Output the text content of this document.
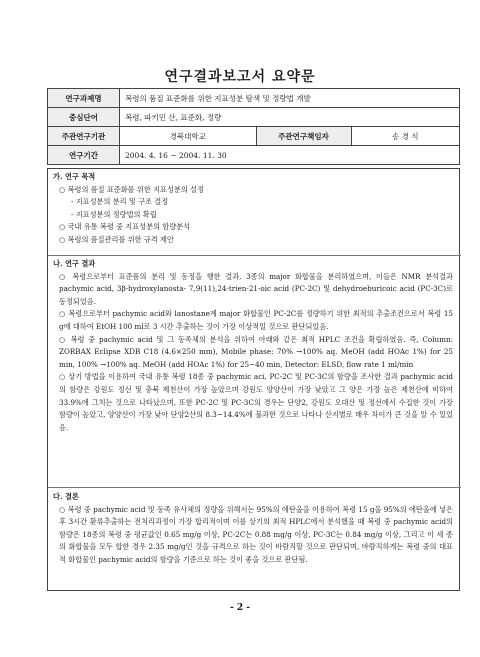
연구결과보고서 요약문
연구과제명	복령의 품질 표준화를 위한 지표성분 탐색 및 정량법 개발		
중심단어	복령, 파키민 산, 표준화, 정량		
주관연구기관	경북대학교	주관연구책임자	송 경 식
연구기간	2004. 4. 16 ~ 2004. 11. 30		
가. 연구 목적
○ 복령의 품질 표준화를 위한 지표성분의 설정
- 지표성분의 분리 및 구조 결정
- 지표성분의 정량법의 확립
○ 국내 유통 복령 중 지표성분의 함량분석
○ 복령의 품질관리를 위한 규격 제안
나. 연구 결과
○ 복령으로부터 표준품의 분리 및 동정을 행한 결과, 3종의 major 화합물을 분리하였으며, 이들은 NMR 분석결과 pachymic acid, 3β-hydroxylanosta- 7,9(11),24-trien-21-oic acid (PC-2C) 및 dehydroeburicoic acid (PC-3C)로 동정되었음.
○ 복령으로부터 pachymic acid와 lanostane계 major 화합물인 PC-2C를 정량하기 위한 최적의 추출조건으로서 복령 15 g에 대하여 EtOH 100 ml로 3 시간 추출하는 것이 가장 이상적일 것으로 판단되었음.
○ 복령 중 pachymic acid 및 그 동족체의 분석을 위하여 아래와 같은 최적 HPLC 조건을 확립하였음. 즉, Column: ZORBAX Eclipse XDB C18 (4.6×250 mm), Mobile phase: 70% →100% aq. MeOH (add HOAc 1%) for 25 min, 100% →100% aq. MeOH (add HOAc 1%) for 25~40 min, Detector: ELSD, flow rate 1 ml/min
○ 상기 방법을 이용하여 국내 유통 복령 18종 중 pachymic aci, PC-2C 및 PC-3C의 함량을 조사한 결과 pachymic acid의 함량은 강원도 정선 및 충북 제천산이 가장 높았으며 강원도 양양산이 가장 낮았고 그 양은 가장 높은 제천산에 비하여 33.9%에 그치는 것으로 나타났으며, 또한 PC-2C 및 PC-3C의 경우는 단양2, 강원도 오대산 및 정선에서 수집한 것이 가장 함량이 높았고, 양양산이 가장 낮아 단양2산의 8.3~14.4%에 불과한 것으로 나타나 산지별로 매우 차이가 큰 것을 알 수 있었음.
다. 결론
○ 복령 중 pachymic acid 및 동족 유사체의 정량을 위해서는 95%의 에탄올을 이용하여 복령 15 g을 95%의 에탄올에 넣은 후 3시간 환류추출하는 전처리과정이 가장 합리적이며 이를 상기의 최적 HPLC에서 분석했을 때 복령 중 pachymic acid의 함량은 18종의 복령 중 평균값인 0.65 mg/g 이상, PC-2C는 0.88 mg/g 이상, PC-3C는 0.84 mg/g 이상, 그리고 이 세 종의 화합물을 모두 합한 경우 2.35 mg/g인 것을 규격으로 하는 것이 바람직할 것으로 판단되며, 바람직하게는 복령 중의 대표적 화합물인 pachymic acid의 함량을 기준으로 하는 것이 좋을 것으로 판단됨.
- 2 -
